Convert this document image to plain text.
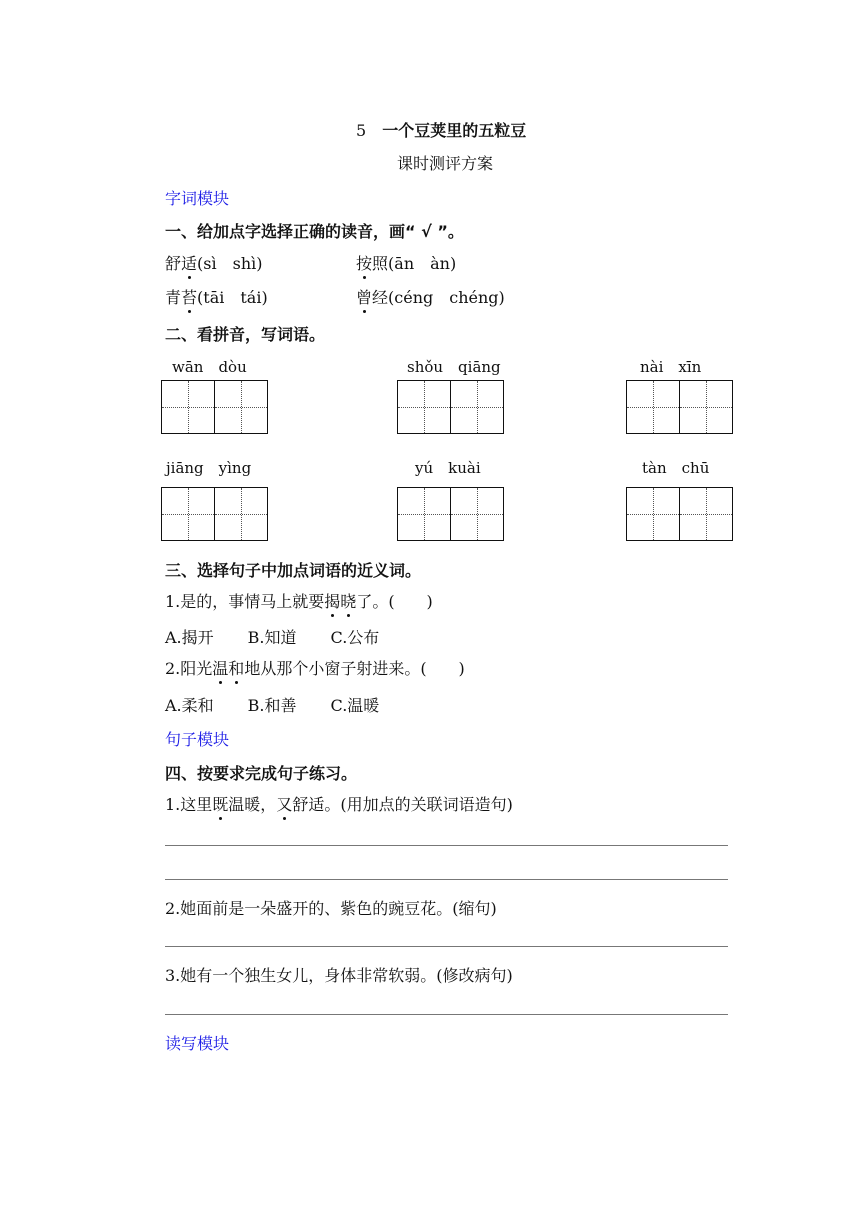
5 一个豆荚里的五粒豆
课时测评方案
字词模块
一、给加点字选择正确的读音，画“ √ ”。
舒适(sì　shì)	按照(ān　àn)
青苔(tāi　tái)	曾经(céng　chéng)
二、看拼音，写词语。
wān　dòu	shǒu　qiāng	nài　xīn
jiāng　yìng	yú　kuài	tàn　chū
三、选择句子中加点词语的近义词。
1.是的，事情马上就要揭晓了。(　　)
A.揭开 B.知道 C.公布
2.阳光温和地从那个小窗子射进来。(　　)
A.柔和 B.和善 C.温暖
句子模块
四、按要求完成句子练习。
1.这里既温暖，又舒适。(用加点的关联词语造句)
2.她面前是一朵盛开的、紫色的豌豆花。(缩句)
3.她有一个独生女儿，身体非常软弱。(修改病句)
读写模块
